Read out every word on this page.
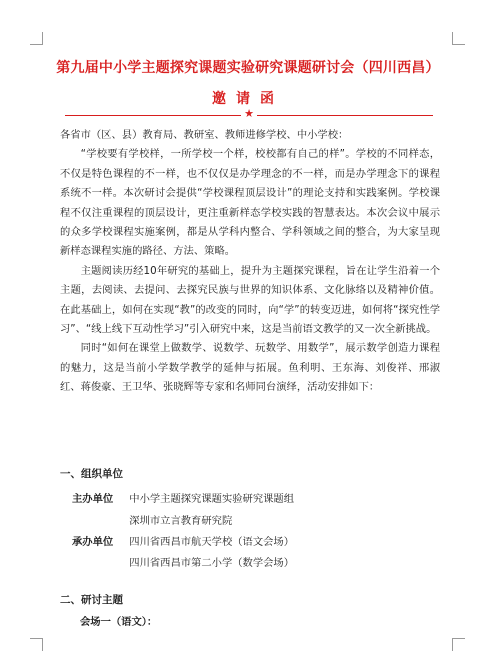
第九届中小学主题探究课题实验研究课题研讨会（四川西昌）
邀请函
★

各省市（区、县）教育局、教研室、教师进修学校、中小学校：

“学校要有学校样，一所学校一个样，校校都有自己的样”。学校的不同样态，不仅是特色课程的不一样，也不仅仅是办学理念的不一样，而是办学理念下的课程系统不一样。本次研讨会提供“学校课程顶层设计”的理论支持和实践案例。学校课程不仅注重课程的顶层设计，更注重新样态学校实践的智慧表达。本次会议中展示的众多学校课程实施案例，都是从学科内整合、学科领域之间的整合，为大家呈现新样态课程实施的路径、方法、策略。

主题阅读历经10年研究的基础上，提升为主题探究课程，旨在让学生沿着一个主题，去阅读、去提问、去探究民族与世界的知识体系、文化脉络以及精神价值。在此基础上，如何在实现“教”的改变的同时，向“学”的转变迈进，如何将“探究性学习”、“线上线下互动性学习”引入研究中来，这是当前语文教学的又一次全新挑战。

同时“如何在课堂上做数学、说数学、玩数学、用数学”，展示数学创造力课程的魅力，这是当前小学数学教学的延伸与拓展。鱼利明、王东海、刘俊祥、邢淑红、蒋俊豪、王卫华、张晓辉等专家和名师同台演绎，活动安排如下：

一、组织单位
主办单位 中小学主题探究课题实验研究课题组
深圳市立言教育研究院
承办单位 四川省西昌市航天学校（语文会场）
四川省西昌市第二小学（数学会场）
二、研讨主题
会场一（语文）：
